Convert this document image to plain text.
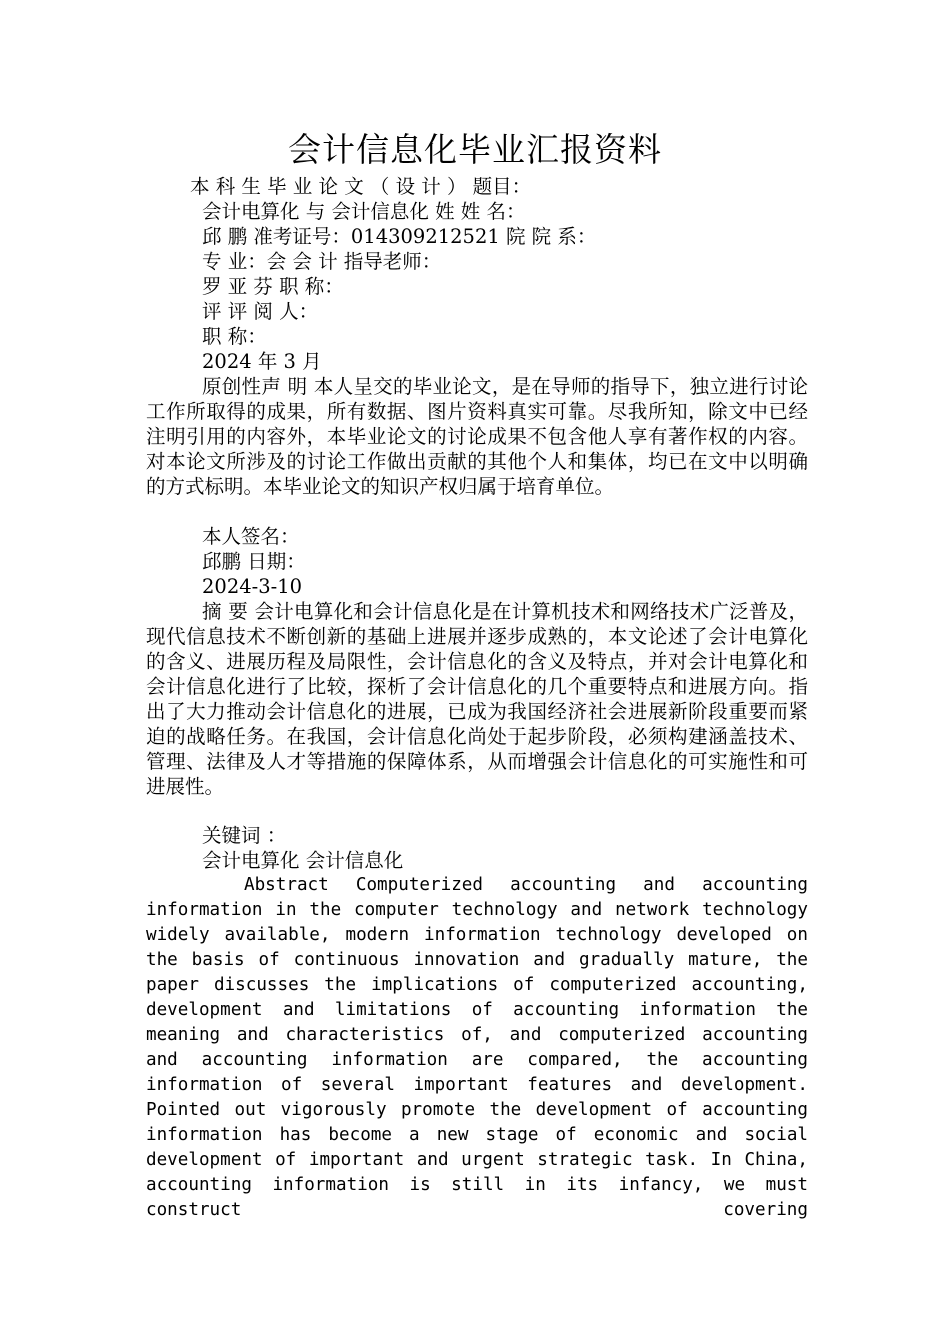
会计信息化毕业汇报资料
本 科 生 毕 业 论 文 （ 设 计 ） 题目：
会计电算化 与 会计信息化 姓 姓 名：
邱 鹏 准考证号：014309212521 院 院 系：
专 业：会 会 计 指导老师：
罗 亚 芬 职 称：
评 评 阅 人：
职 称：
2024 年 3 月
原创性声 明 本人呈交的毕业论文，是在导师的指导下，独立进行讨论工作所取得的成果，所有数据、图片资料真实可靠。尽我所知，除文中已经注明引用的内容外，本毕业论文的讨论成果不包含他人享有著作权的内容。对本论文所涉及的讨论工作做出贡献的其他个人和集体，均已在文中以明确的方式标明。本毕业论文的知识产权归属于培育单位。
本人签名：
邱鹏 日期：
2024-3-10
摘 要 会计电算化和会计信息化是在计算机技术和网络技术广泛普及，现代信息技术不断创新的基础上进展并逐步成熟的，本文论述了会计电算化的含义、进展历程及局限性，会计信息化的含义及特点，并对会计电算化和会计信息化进行了比较，探析了会计信息化的几个重要特点和进展方向。指出了大力推动会计信息化的进展，已成为我国经济社会进展新阶段重要而紧迫的战略任务。在我国，会计信息化尚处于起步阶段，必须构建涵盖技术、管理、法律及人才等措施的保障体系，从而增强会计信息化的可实施性和可进展性。
关键词 ：
会计电算化 会计信息化
Abstract Computerized accounting and accounting information in the computer technology and network technology widely available, modern information technology developed on the basis of continuous innovation and gradually mature, the paper discusses the implications of computerized accounting, development and limitations of accounting information the meaning and characteristics of, and computerized accounting and accounting information are compared, the accounting information of several important features and development. Pointed out vigorously promote the development of accounting information has become a new stage of economic and social development of important and urgent strategic task. In China, accounting information is still in its infancy, we must construct covering
